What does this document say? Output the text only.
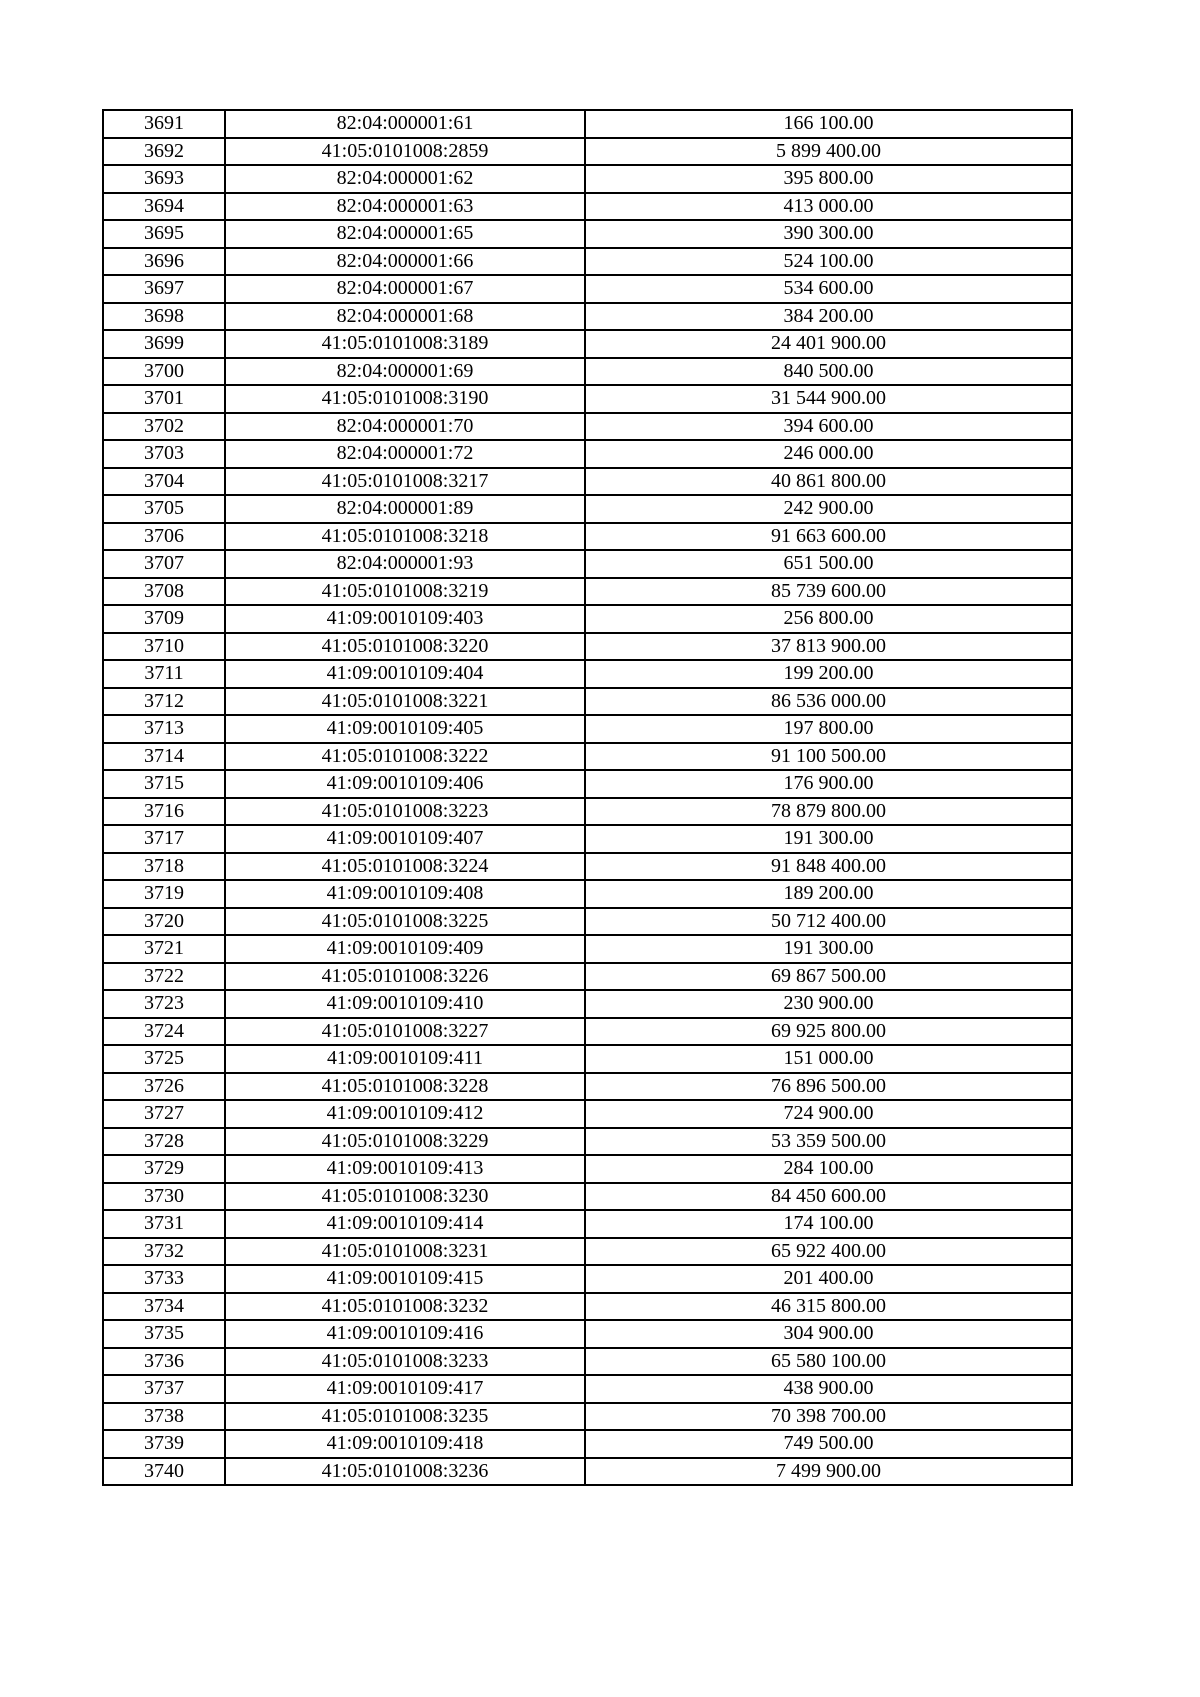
3691	82:04:000001:61	166 100.00
3692	41:05:0101008:2859	5 899 400.00
3693	82:04:000001:62	395 800.00
3694	82:04:000001:63	413 000.00
3695	82:04:000001:65	390 300.00
3696	82:04:000001:66	524 100.00
3697	82:04:000001:67	534 600.00
3698	82:04:000001:68	384 200.00
3699	41:05:0101008:3189	24 401 900.00
3700	82:04:000001:69	840 500.00
3701	41:05:0101008:3190	31 544 900.00
3702	82:04:000001:70	394 600.00
3703	82:04:000001:72	246 000.00
3704	41:05:0101008:3217	40 861 800.00
3705	82:04:000001:89	242 900.00
3706	41:05:0101008:3218	91 663 600.00
3707	82:04:000001:93	651 500.00
3708	41:05:0101008:3219	85 739 600.00
3709	41:09:0010109:403	256 800.00
3710	41:05:0101008:3220	37 813 900.00
3711	41:09:0010109:404	199 200.00
3712	41:05:0101008:3221	86 536 000.00
3713	41:09:0010109:405	197 800.00
3714	41:05:0101008:3222	91 100 500.00
3715	41:09:0010109:406	176 900.00
3716	41:05:0101008:3223	78 879 800.00
3717	41:09:0010109:407	191 300.00
3718	41:05:0101008:3224	91 848 400.00
3719	41:09:0010109:408	189 200.00
3720	41:05:0101008:3225	50 712 400.00
3721	41:09:0010109:409	191 300.00
3722	41:05:0101008:3226	69 867 500.00
3723	41:09:0010109:410	230 900.00
3724	41:05:0101008:3227	69 925 800.00
3725	41:09:0010109:411	151 000.00
3726	41:05:0101008:3228	76 896 500.00
3727	41:09:0010109:412	724 900.00
3728	41:05:0101008:3229	53 359 500.00
3729	41:09:0010109:413	284 100.00
3730	41:05:0101008:3230	84 450 600.00
3731	41:09:0010109:414	174 100.00
3732	41:05:0101008:3231	65 922 400.00
3733	41:09:0010109:415	201 400.00
3734	41:05:0101008:3232	46 315 800.00
3735	41:09:0010109:416	304 900.00
3736	41:05:0101008:3233	65 580 100.00
3737	41:09:0010109:417	438 900.00
3738	41:05:0101008:3235	70 398 700.00
3739	41:09:0010109:418	749 500.00
3740	41:05:0101008:3236	7 499 900.00
